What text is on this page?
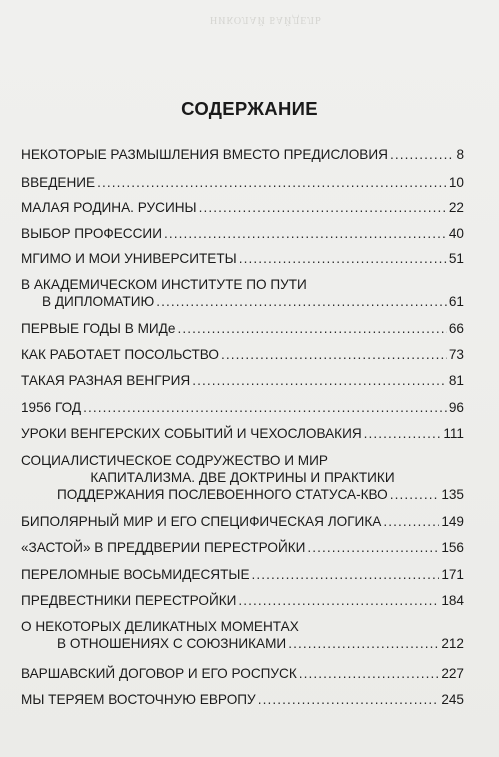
НИКОЛАЙ БАЙДЕЛЬ
СОДЕРЖАНИЕ
НЕКОТОРЫЕ РАЗМЫШЛЕНИЯ ВМЕСТО ПРЕДИСЛОВИЯ .....	8
ВВЕДЕНИЕ .....	10
МАЛАЯ РОДИНА. РУСИНЫ .....	22
ВЫБОР ПРОФЕССИИ .....	40
МГИМО И МОИ УНИВЕРСИТЕТЫ .....	51
В АКАДЕМИЧЕСКОМ ИНСТИТУТЕ ПО ПУТИ
В ДИПЛОМАТИЮ .....	61
ПЕРВЫЕ ГОДЫ В МИДе .....	66
КАК РАБОТАЕТ ПОСОЛЬСТВО .....	73
ТАКАЯ РАЗНАЯ ВЕНГРИЯ .....	81
1956 ГОД .....	96
УРОКИ ВЕНГЕРСКИХ СОБЫТИЙ И ЧЕХОСЛОВАКИЯ .....	111
СОЦИАЛИСТИЧЕСКОЕ СОДРУЖЕСТВО И МИР
КАПИТАЛИЗМА. ДВЕ ДОКТРИНЫ И ПРАКТИКИ
ПОДДЕРЖАНИЯ ПОСЛЕВОЕННОГО СТАТУСА-КВО .....	135
БИПОЛЯРНЫЙ МИР И ЕГО СПЕЦИФИЧЕСКАЯ ЛОГИКА .....	149
«ЗАСТОЙ» В ПРЕДДВЕРИИ ПЕРЕСТРОЙКИ .....	156
ПЕРЕЛОМНЫЕ ВОСЬМИДЕСЯТЫЕ .....	171
ПРЕДВЕСТНИКИ ПЕРЕСТРОЙКИ .....	184
О НЕКОТОРЫХ ДЕЛИКАТНЫХ МОМЕНТАХ
В ОТНОШЕНИЯХ С СОЮЗНИКАМИ .....	212
ВАРШАВСКИЙ ДОГОВОР И ЕГО РОСПУСК .....	227
МЫ ТЕРЯЕМ ВОСТОЧНУЮ ЕВРОПУ .....	245
